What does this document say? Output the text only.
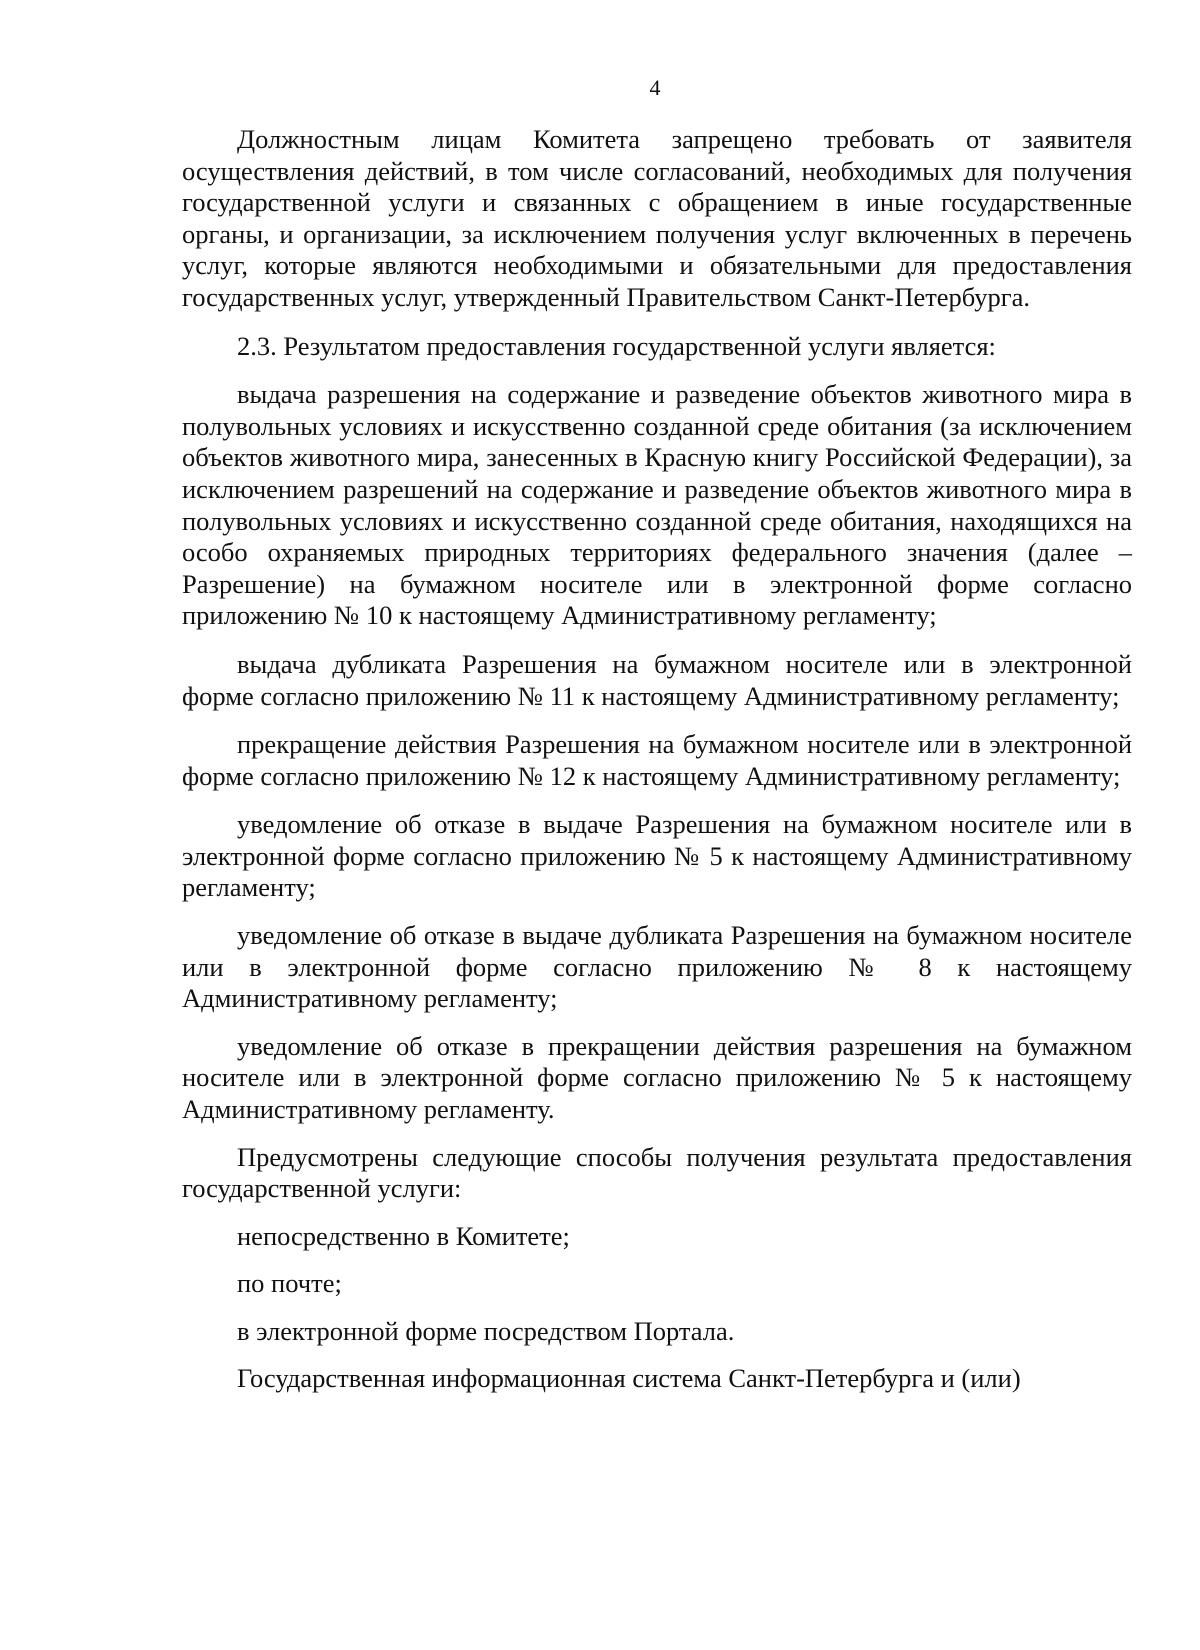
4

Должностным лицам Комитета запрещено требовать от заявителя осуществления действий, в том числе согласований, необходимых для получения государственной услуги и связанных с обращением в иные государственные органы, и организации, за исключением получения услуг включенных в перечень услуг, которые являются необходимыми и обязательными для предоставления государственных услуг, утвержденный Правительством Санкт-Петербурга.

2.3. Результатом предоставления государственной услуги является:

выдача разрешения на содержание и разведение объектов животного мира в полувольных условиях и искусственно созданной среде обитания (за исключением объектов животного мира, занесенных в Красную книгу Российской Федерации), за исключением разрешений на содержание и разведение объектов животного мира в полувольных условиях и искусственно созданной среде обитания, находящихся на особо охраняемых природных территориях федерального значения (далее – Разрешение) на бумажном носителе или в электронной форме согласно приложению № 10 к настоящему Административному регламенту;

выдача дубликата Разрешения на бумажном носителе или в электронной форме согласно приложению № 11 к настоящему Административному регламенту;

прекращение действия Разрешения на бумажном носителе или в электронной форме согласно приложению № 12 к настоящему Административному регламенту;

уведомление об отказе в выдаче Разрешения на бумажном носителе или в электронной форме согласно приложению № 5 к настоящему Административному регламенту;

уведомление об отказе в выдаче дубликата Разрешения на бумажном носителе или в электронной форме согласно приложению № 8 к настоящему Административному регламенту;

уведомление об отказе в прекращении действия разрешения на бумажном носителе или в электронной форме согласно приложению № 5 к настоящему Административному регламенту.

Предусмотрены следующие способы получения результата предоставления государственной услуги:

непосредственно в Комитете;

по почте;

в электронной форме посредством Портала.

Государственная информационная система Санкт-Петербурга и (или)
